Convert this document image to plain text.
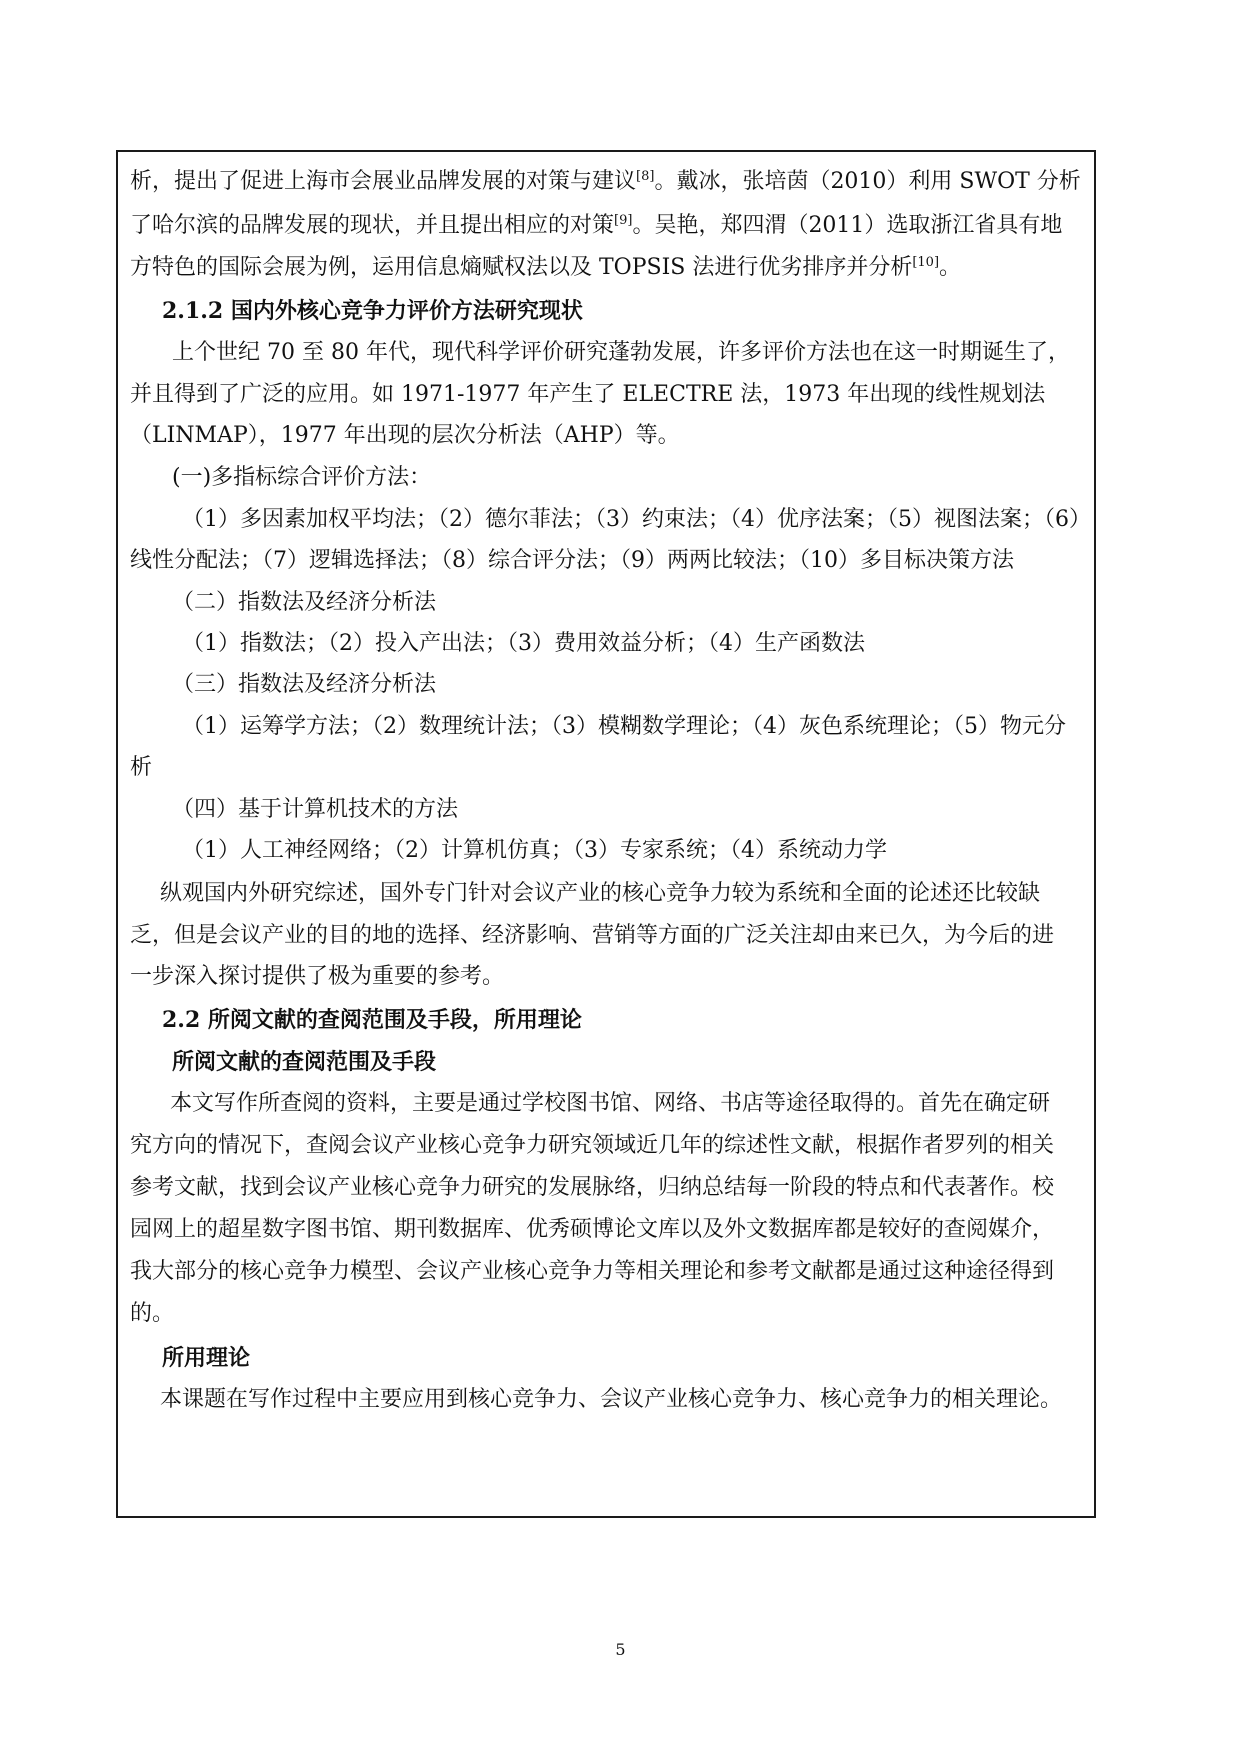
析，提出了促进上海市会展业品牌发展的对策与建议[8]。戴冰，张培茵（2010）利用 SWOT 分析
了哈尔滨的品牌发展的现状，并且提出相应的对策[9]。吴艳，郑四渭（2011）选取浙江省具有地
方特色的国际会展为例，运用信息熵赋权法以及 TOPSIS 法进行优劣排序并分析[10]。
2.1.2 国内外核心竞争力评价方法研究现状
上个世纪 70 至 80 年代，现代科学评价研究蓬勃发展，许多评价方法也在这一时期诞生了，
并且得到了广泛的应用。如 1971-1977 年产生了 ELECTRE 法，1973 年出现的线性规划法
（LINMAP），1977 年出现的层次分析法（AHP）等。
(一)多指标综合评价方法：
（1）多因素加权平均法；（2）德尔菲法；（3）约束法；（4）优序法案；（5）视图法案；（6）
线性分配法；（7）逻辑选择法；（8）综合评分法；（9）两两比较法；（10）多目标决策方法
（二）指数法及经济分析法
（1）指数法；（2）投入产出法；（3）费用效益分析；（4）生产函数法
（三）指数法及经济分析法
（1）运筹学方法；（2）数理统计法；（3）模糊数学理论；（4）灰色系统理论；（5）物元分
析
（四）基于计算机技术的方法
（1）人工神经网络；（2）计算机仿真；（3）专家系统；（4）系统动力学
纵观国内外研究综述，国外专门针对会议产业的核心竞争力较为系统和全面的论述还比较缺
乏，但是会议产业的目的地的选择、经济影响、营销等方面的广泛关注却由来已久，为今后的进
一步深入探讨提供了极为重要的参考。
2.2 所阅文献的查阅范围及手段，所用理论
所阅文献的查阅范围及手段
本文写作所查阅的资料，主要是通过学校图书馆、网络、书店等途径取得的。首先在确定研
究方向的情况下，查阅会议产业核心竞争力研究领域近几年的综述性文献，根据作者罗列的相关
参考文献，找到会议产业核心竞争力研究的发展脉络，归纳总结每一阶段的特点和代表著作。校
园网上的超星数字图书馆、期刊数据库、优秀硕博论文库以及外文数据库都是较好的查阅媒介，
我大部分的核心竞争力模型、会议产业核心竞争力等相关理论和参考文献都是通过这种途径得到
的。
所用理论
本课题在写作过程中主要应用到核心竞争力、会议产业核心竞争力、核心竞争力的相关理论。
5
